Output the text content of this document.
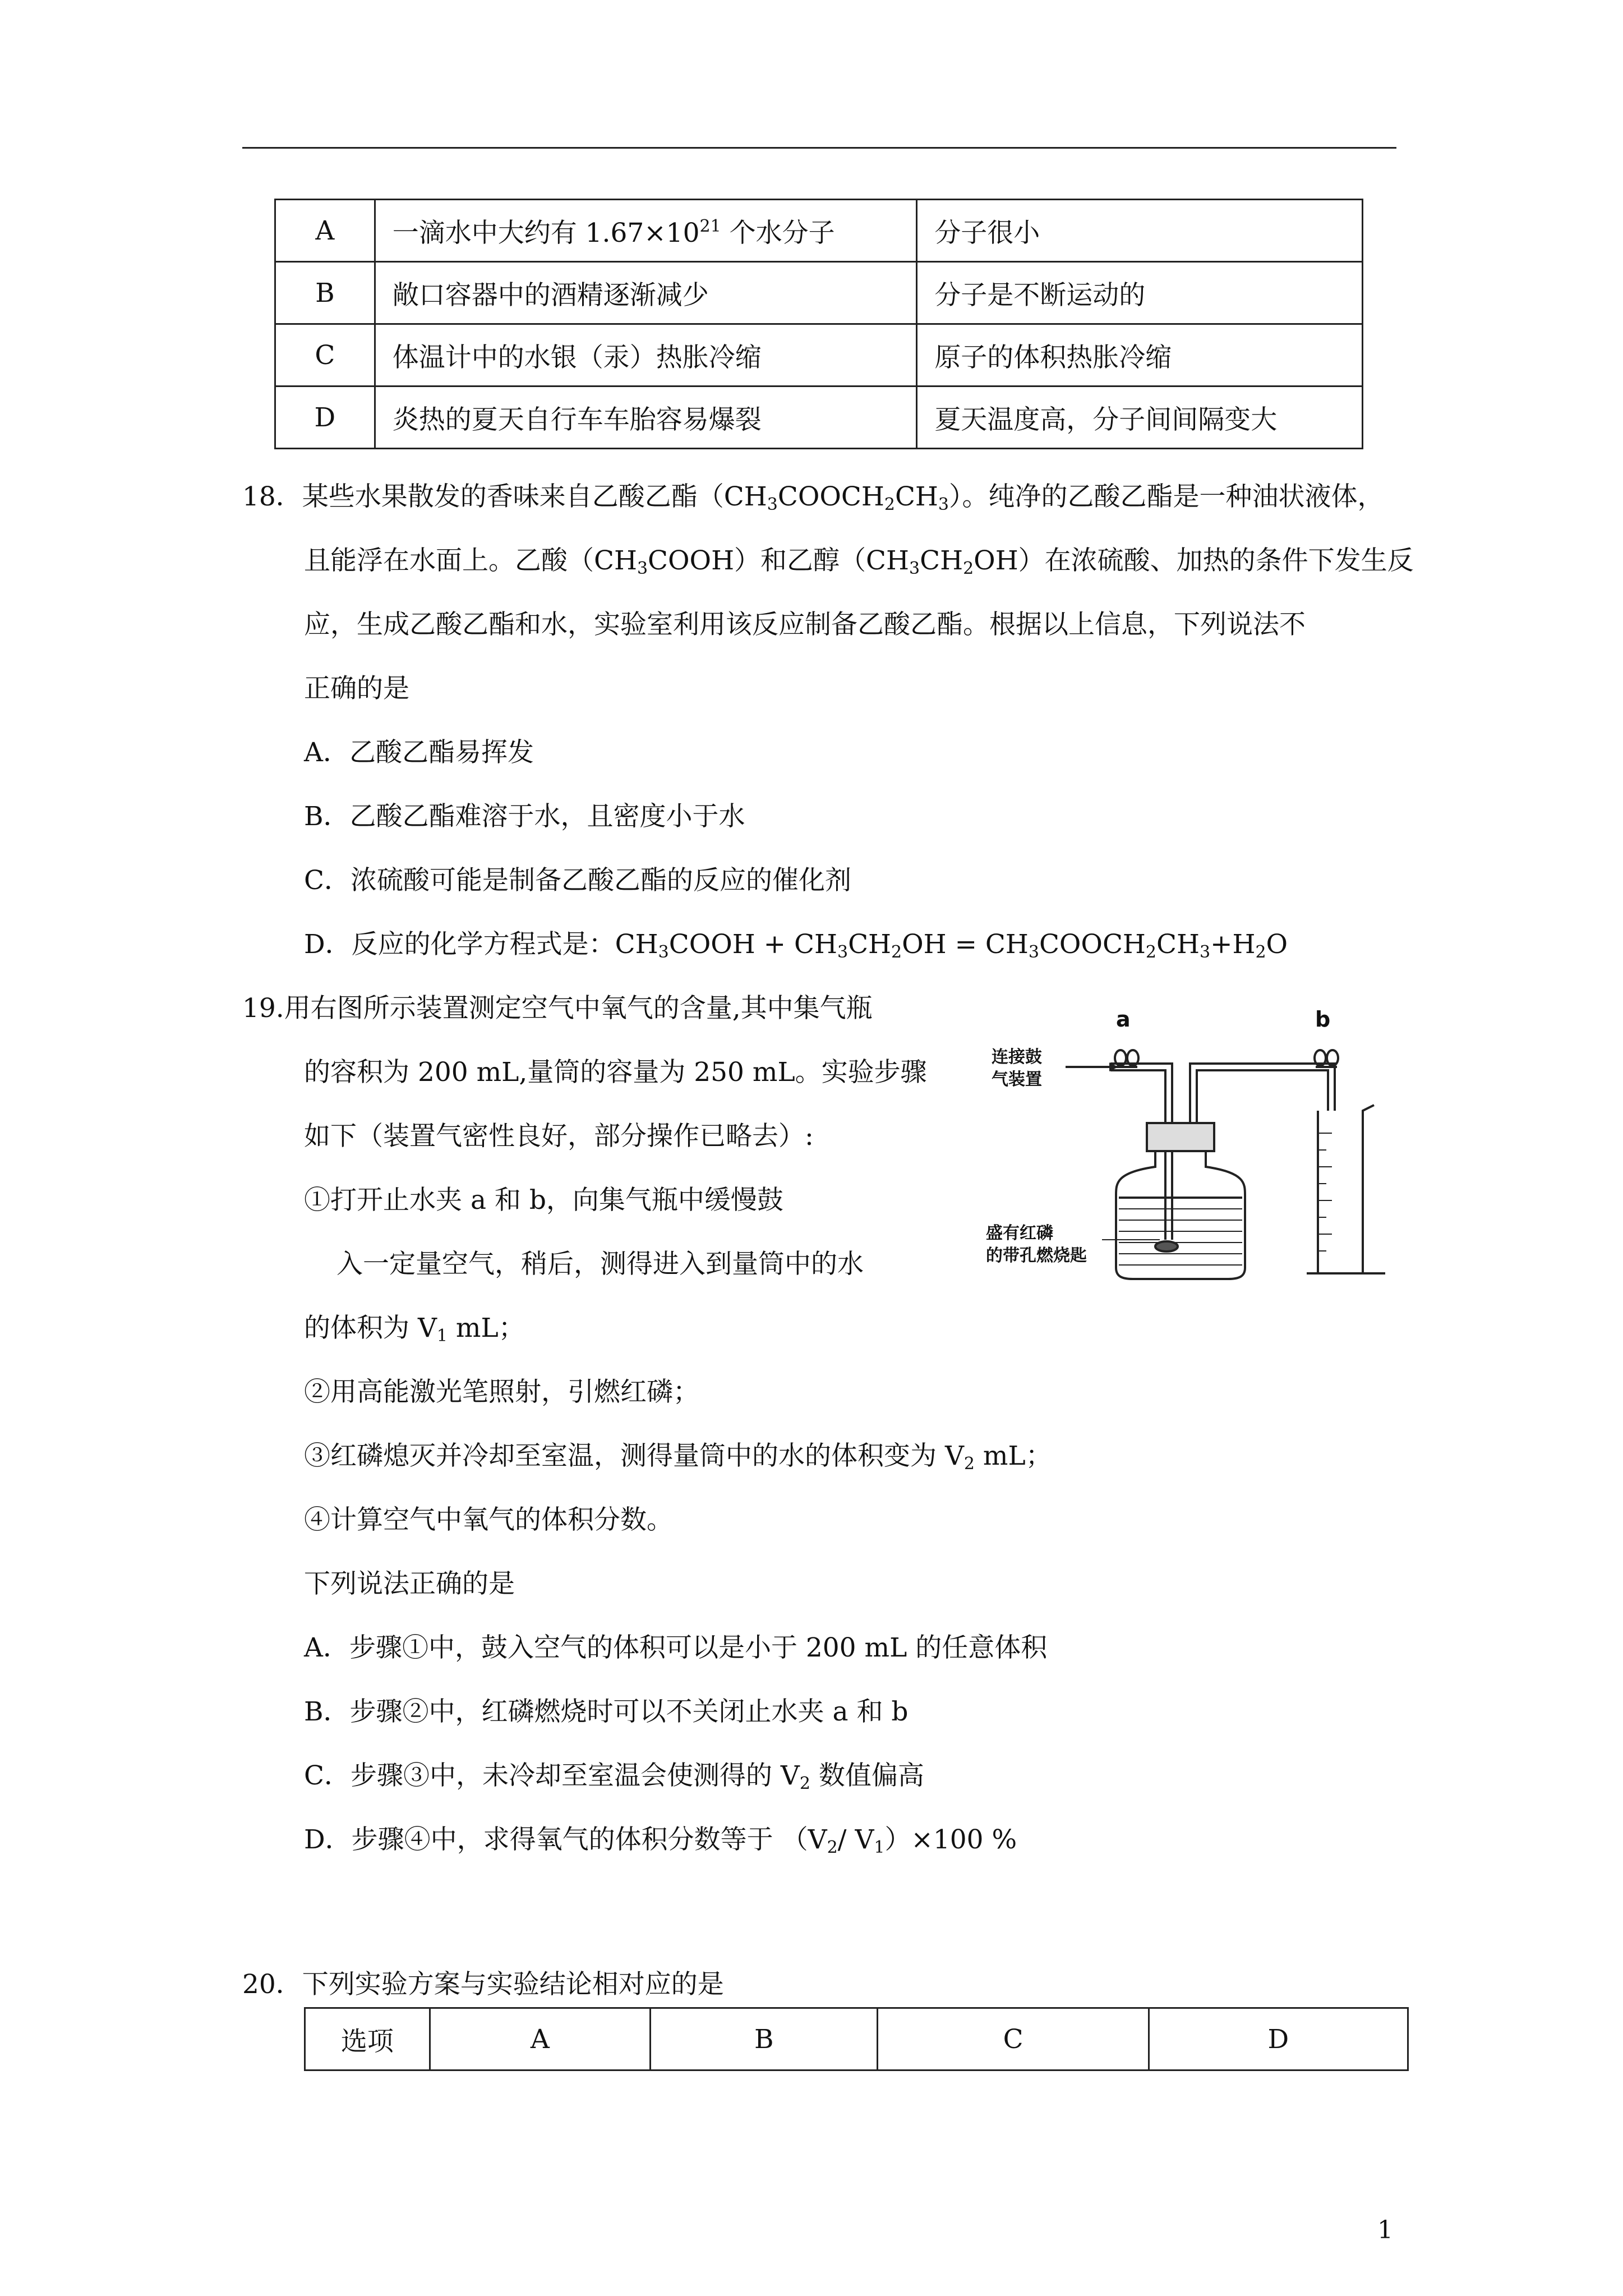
A	一滴水中大约有 $1.67\times 10^{21}$ 个水分子	分子很小
B	敞口容器中的酒精逐渐减少	分子是不断运动的
C	体温计中的水银（汞）热胀冷缩	原子的体积热胀冷缩
D	炎热的夏天自行车车胎容易爆裂	夏天温度高，分子间间隔变大
18．某些水果散发的香味来自乙酸乙酯$(CH_3COOCH_2CH_3)$。纯净的乙酸乙酯是一种油状液体，
且能浮在水面上。乙酸$(CH_3COOH)$和乙醇$(CH_3CH_2OH)$在浓硫酸、加热的条件下发生反
应，生成乙酸乙酯和水，实验室利用该反应制备乙酸乙酯。根据以上信息，下列说法不
正确的是
A．乙酸乙酯易挥发
B．乙酸乙酯难溶于水，且密度小于水
C．浓硫酸可能是制备乙酸乙酯的反应的催化剂
D．反应的化学方程式是：$CH_3COOH + CH_3CH_2OH$ = $CH_3COOCH_2CH_3+H_2O$
19.用右图所示装置测定空气中氧气的含量,其中集气瓶
的容积为 200 mL,量筒的容量为 250 mL。实验步骤
如下（装置气密性良好，部分操作已略去）:
①打开止水夹 a 和 b，向集气瓶中缓慢鼓
入一定量空气，稍后，测得进入到量筒中的水
的体积为 $V_1$ mL；
②用高能激光笔照射，引燃红磷；
③红磷熄灭并冷却至室温，测得量筒中的水的体积变为 $V_2$ mL；
④计算空气中氧气的体积分数。
下列说法正确的是
A．步骤①中，鼓入空气的体积可以是小于 200 mL 的任意体积
B．步骤②中，红磷燃烧时可以不关闭止水夹 a 和 b
C．步骤③中，未冷却至室温会使测得的 $V_2$ 数值偏高
D．步骤④中，求得氧气的体积分数等于 （$V_2/$ $V_1)\times 100$ %
a	b
连接鼓
气装置
盛有红磷
的带孔燃烧匙
20．下列实验方案与实验结论相对应的是
选项	A	B	C	D
1
